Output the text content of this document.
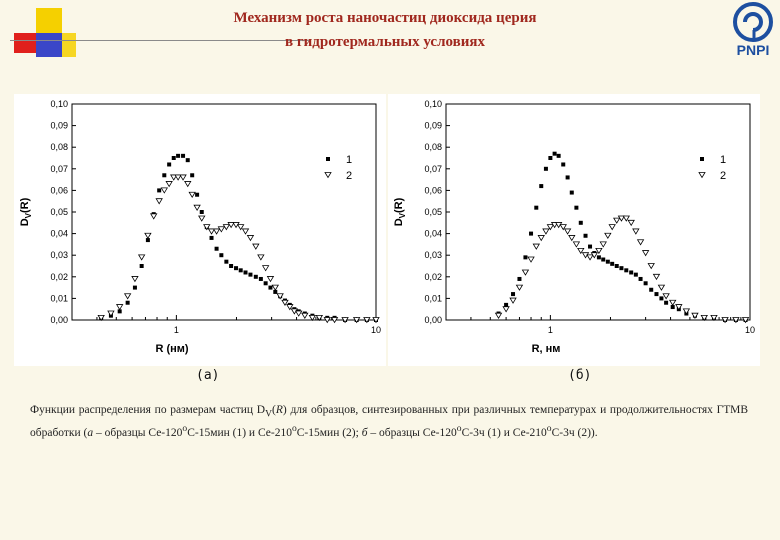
Механизм роста наночастиц диоксида церия
в гидротермальных условиях	PNPI
0,00
0,01
0,02
0,03
0,04
0,05
0,06
0,07
0,08
0,09
0,10
1	10
R (нм)
$D_V(R)$
1
2
0,00
0,01
0,02
0,03
0,04
0,05
0,06
0,07
0,08
0,09
0,10
1	10
R, нм
$D_V(R)$
1
2
(а)	(б)
Функции распределения по размерам частиц $D_V(R)$ для образцов, синтезированных при различных температурах и продолжительностях ГТМВ обработки (а – образцы Се-120$^o$С-15мин (1) и Се-210$^o$С-15мин (2); б – образцы Се-120$^o$С-3ч (1) и Се-210$^o$С-3ч (2)).
